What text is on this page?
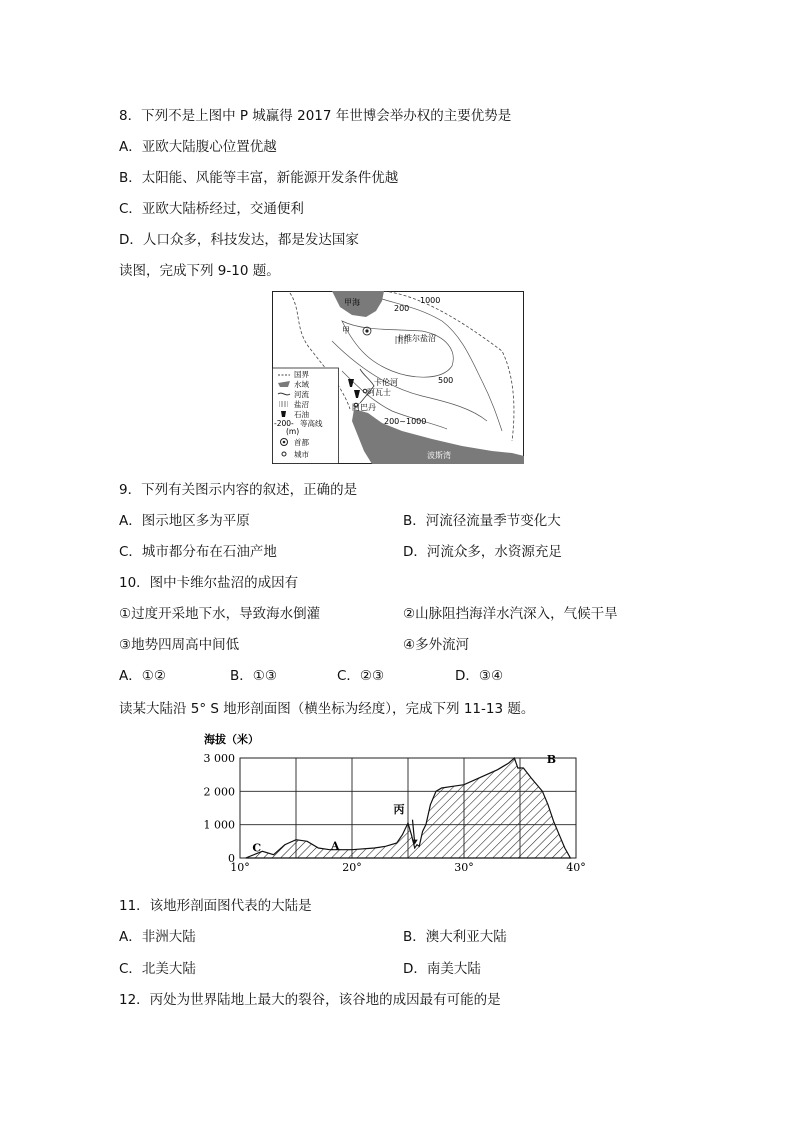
8．下列不是上图中 P 城赢得 2017 年世博会举办权的主要优势是
A．亚欧大陆腹心位置优越
B．太阳能、风能等丰富，新能源开发条件优越
C．亚欧大陆桥经过，交通便利
D．人口众多，科技发达，都是发达国家
读图，完成下列 9-10 题。
甲海
200
1000
甲
卡维尔盐沼
500
卡伦河
阿瓦士
阿巴丹
200~1000
波斯湾
国界
水域
河流
盐沼
石油
-200- 等高线
(m)
首都
城市
9．下列有关图示内容的叙述，正确的是
A．图示地区多为平原	B．河流径流量季节变化大
C．城市都分布在石油产地	D．河流众多，水资源充足
10．图中卡维尔盐沼的成因有
①过度开采地下水，导致海水倒灌	②山脉阻挡海洋水汽深入，气候干旱
③地势四周高中间低	④多外流河
A．①②	B．①③	C．②③	D．③④
读某大陆沿 5° S 地形剖面图（横坐标为经度），完成下列 11-13 题。
海拔（米）
0
1 000
2 000
3 000
10°	20°	30°	40°
C	A
丙
B
11．该地形剖面图代表的大陆是
A．非洲大陆	B．澳大利亚大陆
C．北美大陆	D．南美大陆
12．丙处为世界陆地上最大的裂谷，该谷地的成因最有可能的是
